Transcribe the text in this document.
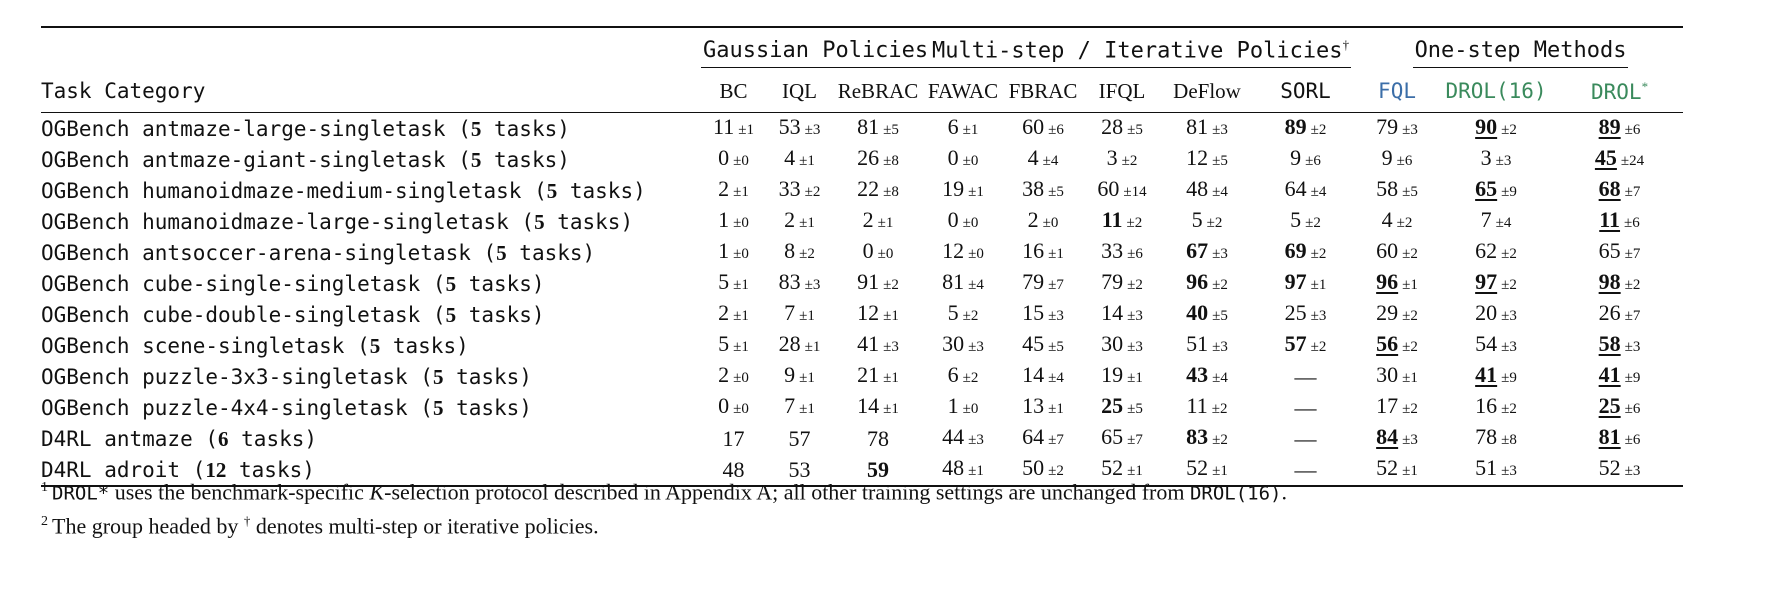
	Gaussian Policies			Multi-step / Iterative Policies†					One-step Methods		
Task Category	BC	IQL	ReBRAC	FAWAC	FBRAC	IFQL	DeFlow	SORL	FQL	DROL(16)	DROL*
OGBench antmaze-large-singletask (5 tasks)	11 ±1	53 ±3	81 ±5	6 ±1	60 ±6	28 ±5	81 ±3	89 ±2	79 ±3	90 ±2	89 ±6
OGBench antmaze-giant-singletask (5 tasks)	0 ±0	4 ±1	26 ±8	0 ±0	4 ±4	3 ±2	12 ±5	9 ±6	9 ±6	3 ±3	45 ±24
OGBench humanoidmaze-medium-singletask (5 tasks)	2 ±1	33 ±2	22 ±8	19 ±1	38 ±5	60 ±14	48 ±4	64 ±4	58 ±5	65 ±9	68 ±7
OGBench humanoidmaze-large-singletask (5 tasks)	1 ±0	2 ±1	2 ±1	0 ±0	2 ±0	11 ±2	5 ±2	5 ±2	4 ±2	7 ±4	11 ±6
OGBench antsoccer-arena-singletask (5 tasks)	1 ±0	8 ±2	0 ±0	12 ±0	16 ±1	33 ±6	67 ±3	69 ±2	60 ±2	62 ±2	65 ±7
OGBench cube-single-singletask (5 tasks)	5 ±1	83 ±3	91 ±2	81 ±4	79 ±7	79 ±2	96 ±2	97 ±1	96 ±1	97 ±2	98 ±2
OGBench cube-double-singletask (5 tasks)	2 ±1	7 ±1	12 ±1	5 ±2	15 ±3	14 ±3	40 ±5	25 ±3	29 ±2	20 ±3	26 ±7
OGBench scene-singletask (5 tasks)	5 ±1	28 ±1	41 ±3	30 ±3	45 ±5	30 ±3	51 ±3	57 ±2	56 ±2	54 ±3	58 ±3
OGBench puzzle-3x3-singletask (5 tasks)	2 ±0	9 ±1	21 ±1	6 ±2	14 ±4	19 ±1	43 ±4	—	30 ±1	41 ±9	41 ±9
OGBench puzzle-4x4-singletask (5 tasks)	0 ±0	7 ±1	14 ±1	1 ±0	13 ±1	25 ±5	11 ±2	—	17 ±2	16 ±2	25 ±6
D4RL antmaze (6 tasks)	17	57	78	44 ±3	64 ±7	65 ±7	83 ±2	—	84 ±3	78 ±8	81 ±6
D4RL adroit (12 tasks)	48	53	59	48 ±1	50 ±2	52 ±1	52 ±1	—	52 ±1	51 ±3	52 ±3
$^1$ DROL* uses the benchmark-specific K-selection protocol described in Appendix A; all other training settings are unchanged from DROL(16).
$^2$ The group headed by † denotes multi-step or iterative policies.
